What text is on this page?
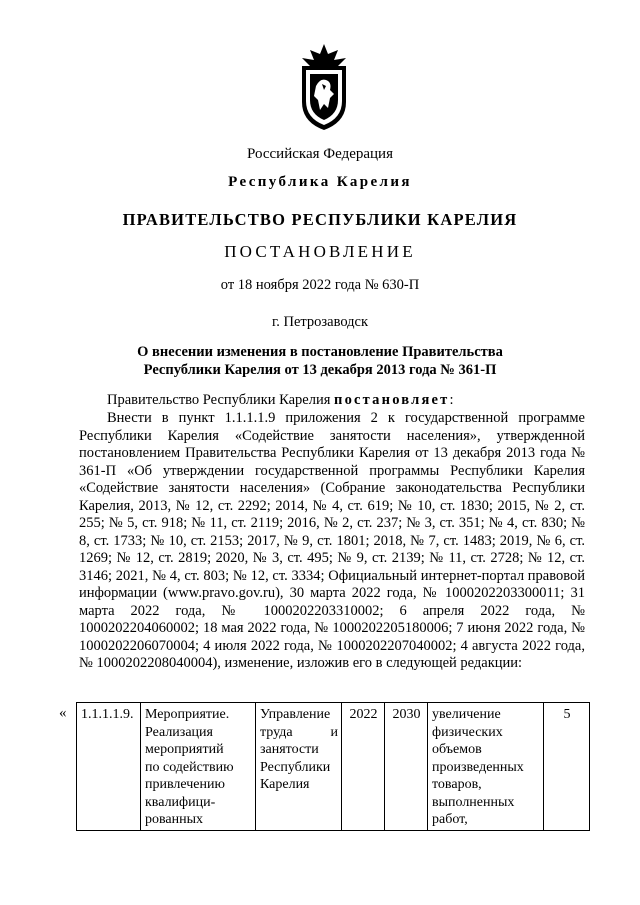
Российская Федерация
Республика Карелия
ПРАВИТЕЛЬСТВО РЕСПУБЛИКИ КАРЕЛИЯ
ПОСТАНОВЛЕНИЕ
от 18 ноября 2022 года № 630-П
г. Петрозаводск
О внесении изменения в постановление Правительства
Республики Карелия от 13 декабря 2013 года № 361-П
Правительство Республики Карелия постановляет:
Внести в пункт 1.1.1.1.9 приложения 2 к государственной программе Республики Карелия «Содействие занятости населения», утвержденной постановлением Правительства Республики Карелия от 13 декабря 2013 года № 361-П «Об утверждении государственной программы Республики Карелия «Содействие занятости населения» (Собрание законодательства Республики Карелия, 2013, № 12, ст. 2292; 2014, № 4, ст. 619; № 10, ст. 1830; 2015, № 2, ст. 255; № 5, ст. 918; № 11, ст. 2119; 2016, № 2, ст. 237; № 3, ст. 351; № 4, ст. 830; № 8, ст. 1733; № 10, ст. 2153; 2017, № 9, ст. 1801; 2018, № 7, ст. 1483; 2019, № 6, ст. 1269; № 12, ст. 2819; 2020, № 3, ст. 495; № 9, ст. 2139; № 11, ст. 2728; № 12, ст. 3146; 2021, № 4, ст. 803; № 12, ст. 3334; Официальный интернет-портал правовой информации (www.pravo.gov.ru), 30 марта 2022 года, № 1000202203300011; 31 марта 2022 года, № 1000202203310002; 6 апреля 2022 года, № 1000202204060002; 18 мая 2022 года, № 1000202205180006; 7 июня 2022 года, № 1000202206070004; 4 июля 2022 года, № 1000202207040002; 4 августа 2022 года, № 1000202208040004), изменение, изложив его в следующей редакции:
« 1.1.1.1.9.	Мероприятие.
Реализация
мероприятий
по содействию
привлечению
квалифици-
рованных
	Управление труда и занятости Республики Карелия	2022	2030	увеличение
физических
объемов
произведенных
товаров,
выполненных
работ,
	5
